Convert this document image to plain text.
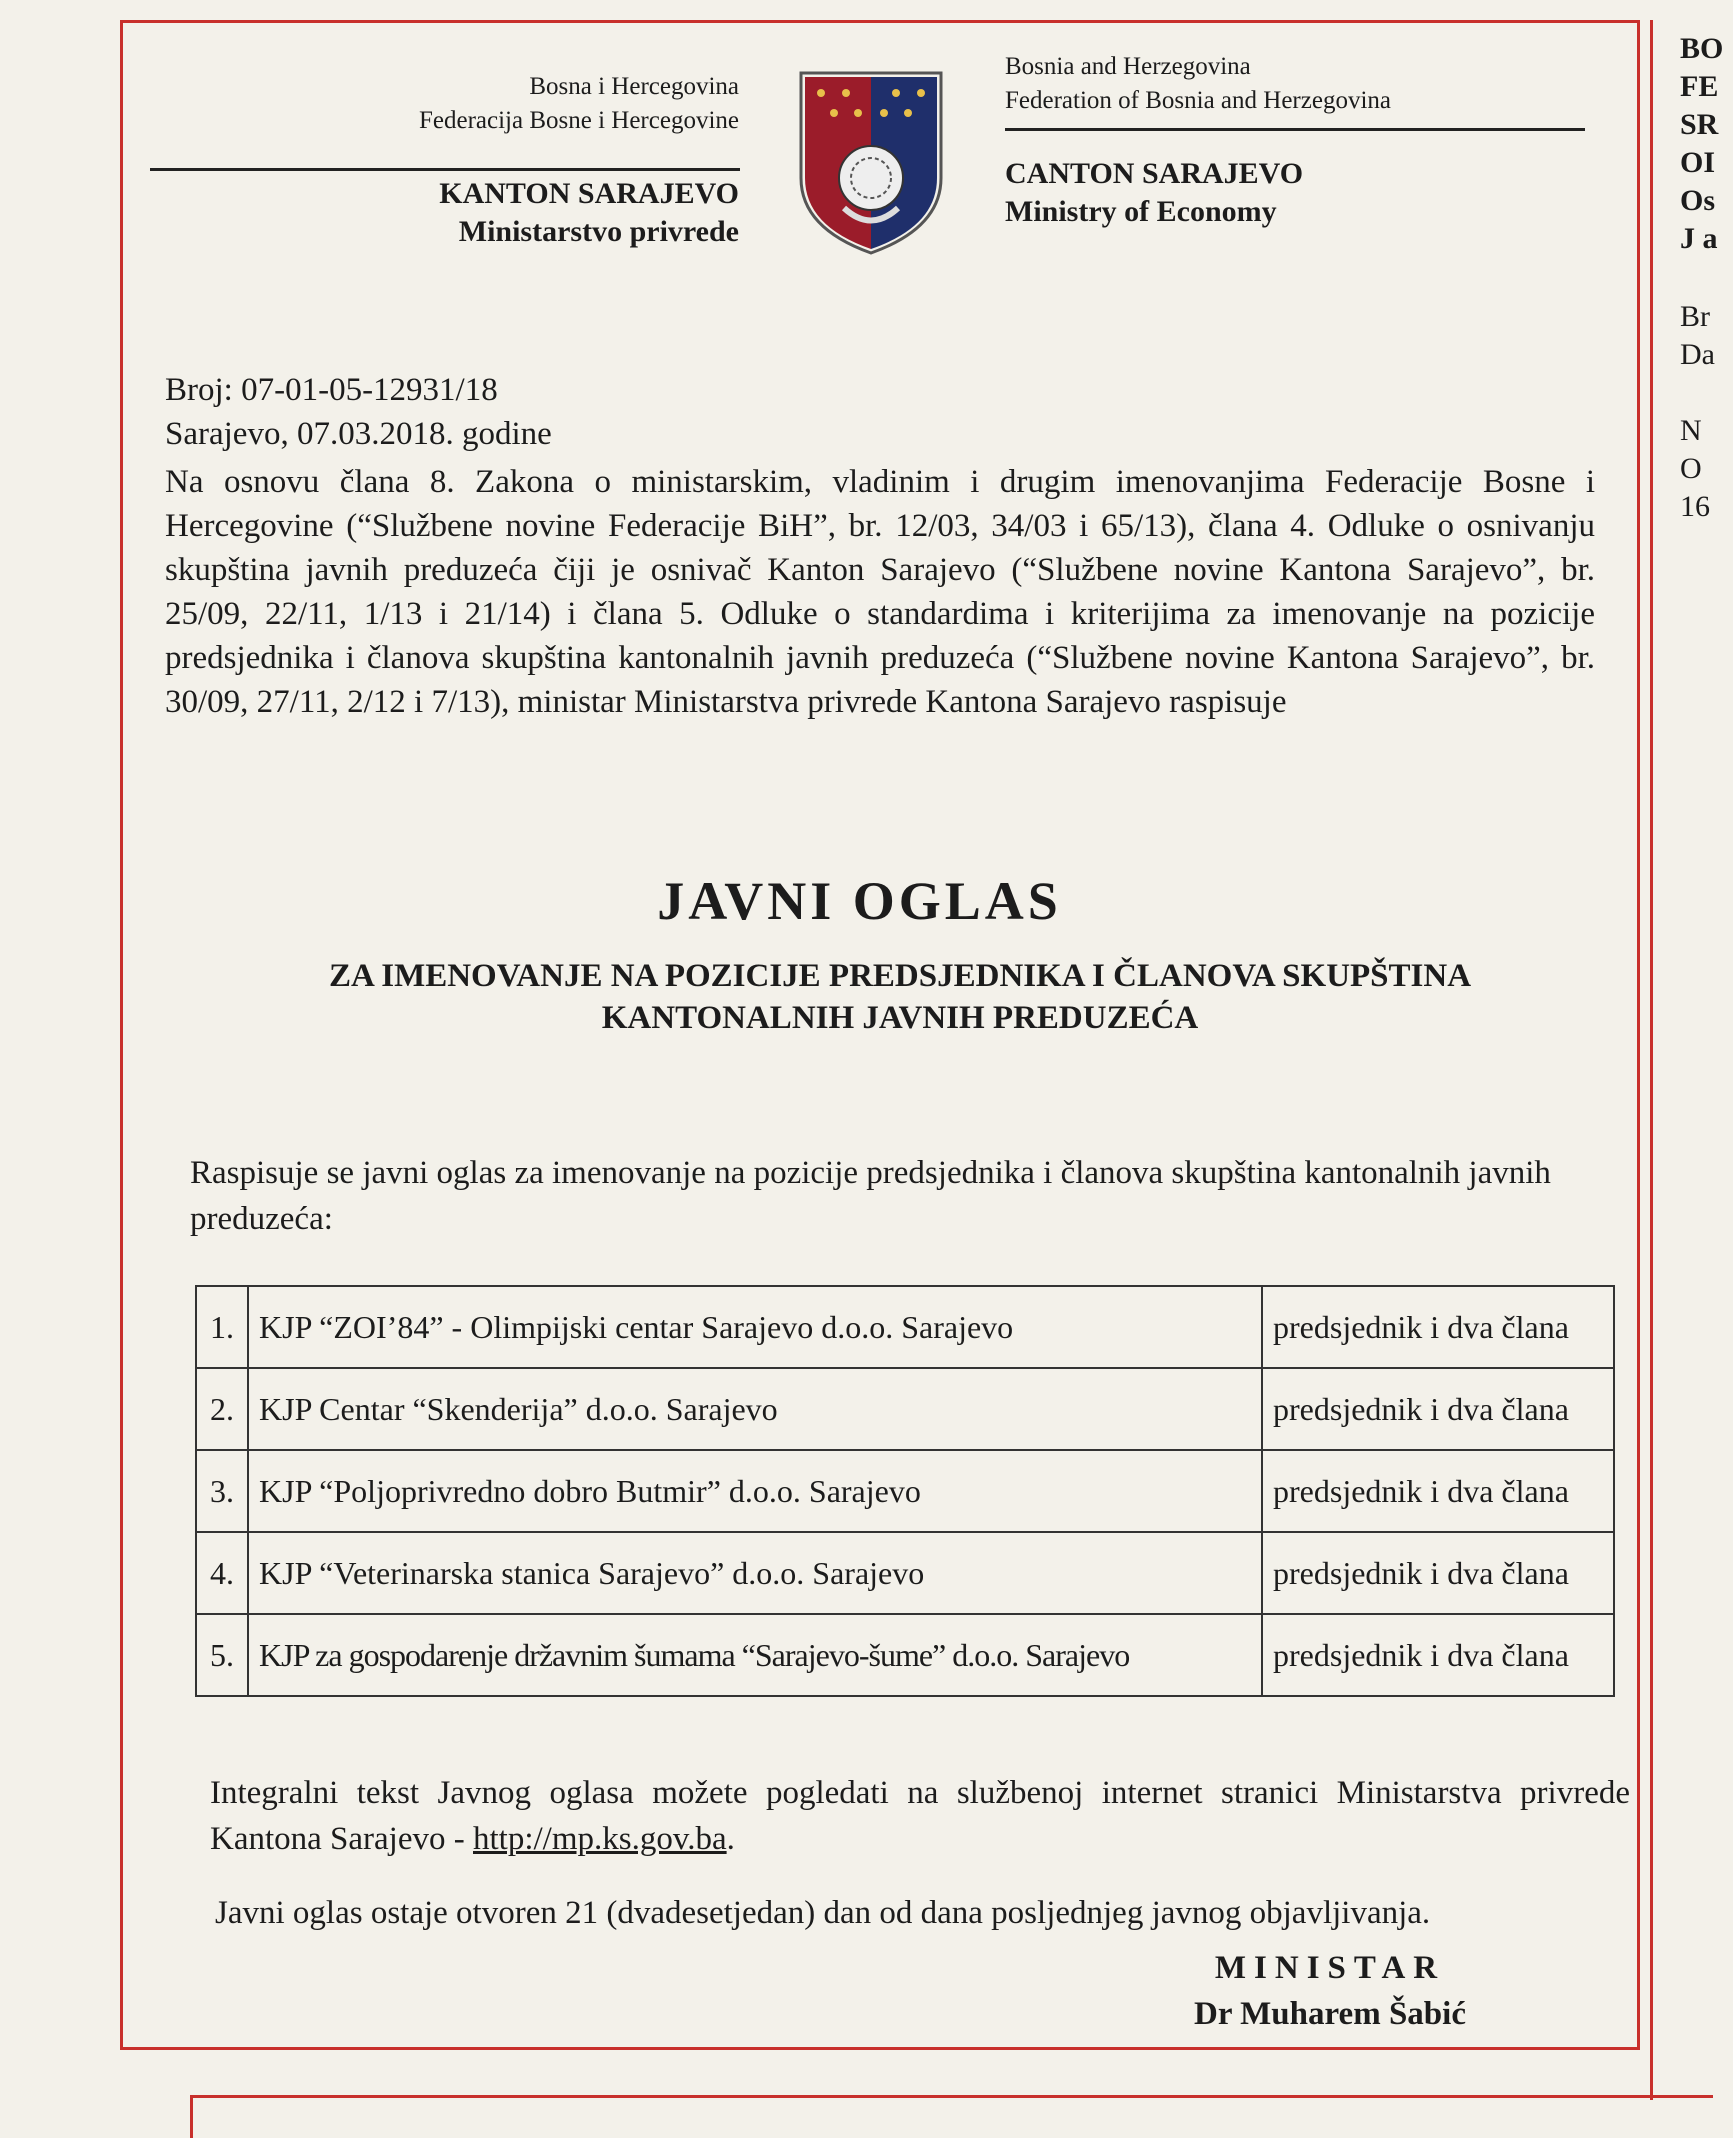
BO
FE
SR
OI
Os
J a
Br
Da
N
O
16
Bosna i Hercegovina
Federacija Bosne i Hercegovine
KANTON SARAJEVO
Ministarstvo privrede
Bosnia and Herzegovina
Federation of Bosnia and Herzegovina
CANTON SARAJEVO
Ministry of Economy
Broj: 07-01-05-12931/18
Sarajevo, 07.03.2018. godine
Na osnovu člana 8. Zakona o ministarskim, vladinim i drugim imenovanjima Federacije Bosne i Hercegovine (“Službene novine Federacije BiH”, br. 12/03, 34/03 i 65/13), člana 4. Odluke o osnivanju skupština javnih preduzeća čiji je osnivač Kanton Sarajevo (“Službene novine Kantona Sarajevo”, br. 25/09, 22/11, 1/13 i 21/14) i člana 5. Odluke o standardima i kriterijima za imenovanje na pozicije predsjednika i članova skupština kantonalnih javnih preduzeća (“Službene novine Kantona Sarajevo”, br. 30/09, 27/11, 2/12 i 7/13), ministar Ministarstva privrede Kantona Sarajevo raspisuje
JAVNI OGLAS
ZA IMENOVANJE NA POZICIJE PREDSJEDNIKA I ČLANOVA SKUPŠTINA
KANTONALNIH JAVNIH PREDUZEĆA
Raspisuje se javni oglas za imenovanje na pozicije predsjednika i članova skupština kantonalnih javnih preduzeća:
1.	KJP “ZOI’84” - Olimpijski centar Sarajevo d.o.o. Sarajevo	predsjednik i dva člana
2.	KJP Centar “Skenderija” d.o.o. Sarajevo	predsjednik i dva člana
3.	KJP “Poljoprivredno dobro Butmir” d.o.o. Sarajevo	predsjednik i dva člana
4.	KJP “Veterinarska stanica Sarajevo” d.o.o. Sarajevo	predsjednik i dva člana
5.	KJP za gospodarenje državnim šumama “Sarajevo-šume” d.o.o. Sarajevo	predsjednik i dva člana
Integralni tekst Javnog oglasa možete pogledati na službenoj internet stranici Ministarstva privrede Kantona Sarajevo - http://mp.ks.gov.ba.
Javni oglas ostaje otvoren 21 (dvadesetjedan) dan od dana posljednjeg javnog objavljivanja.
MINISTAR
Dr Muharem Šabić
